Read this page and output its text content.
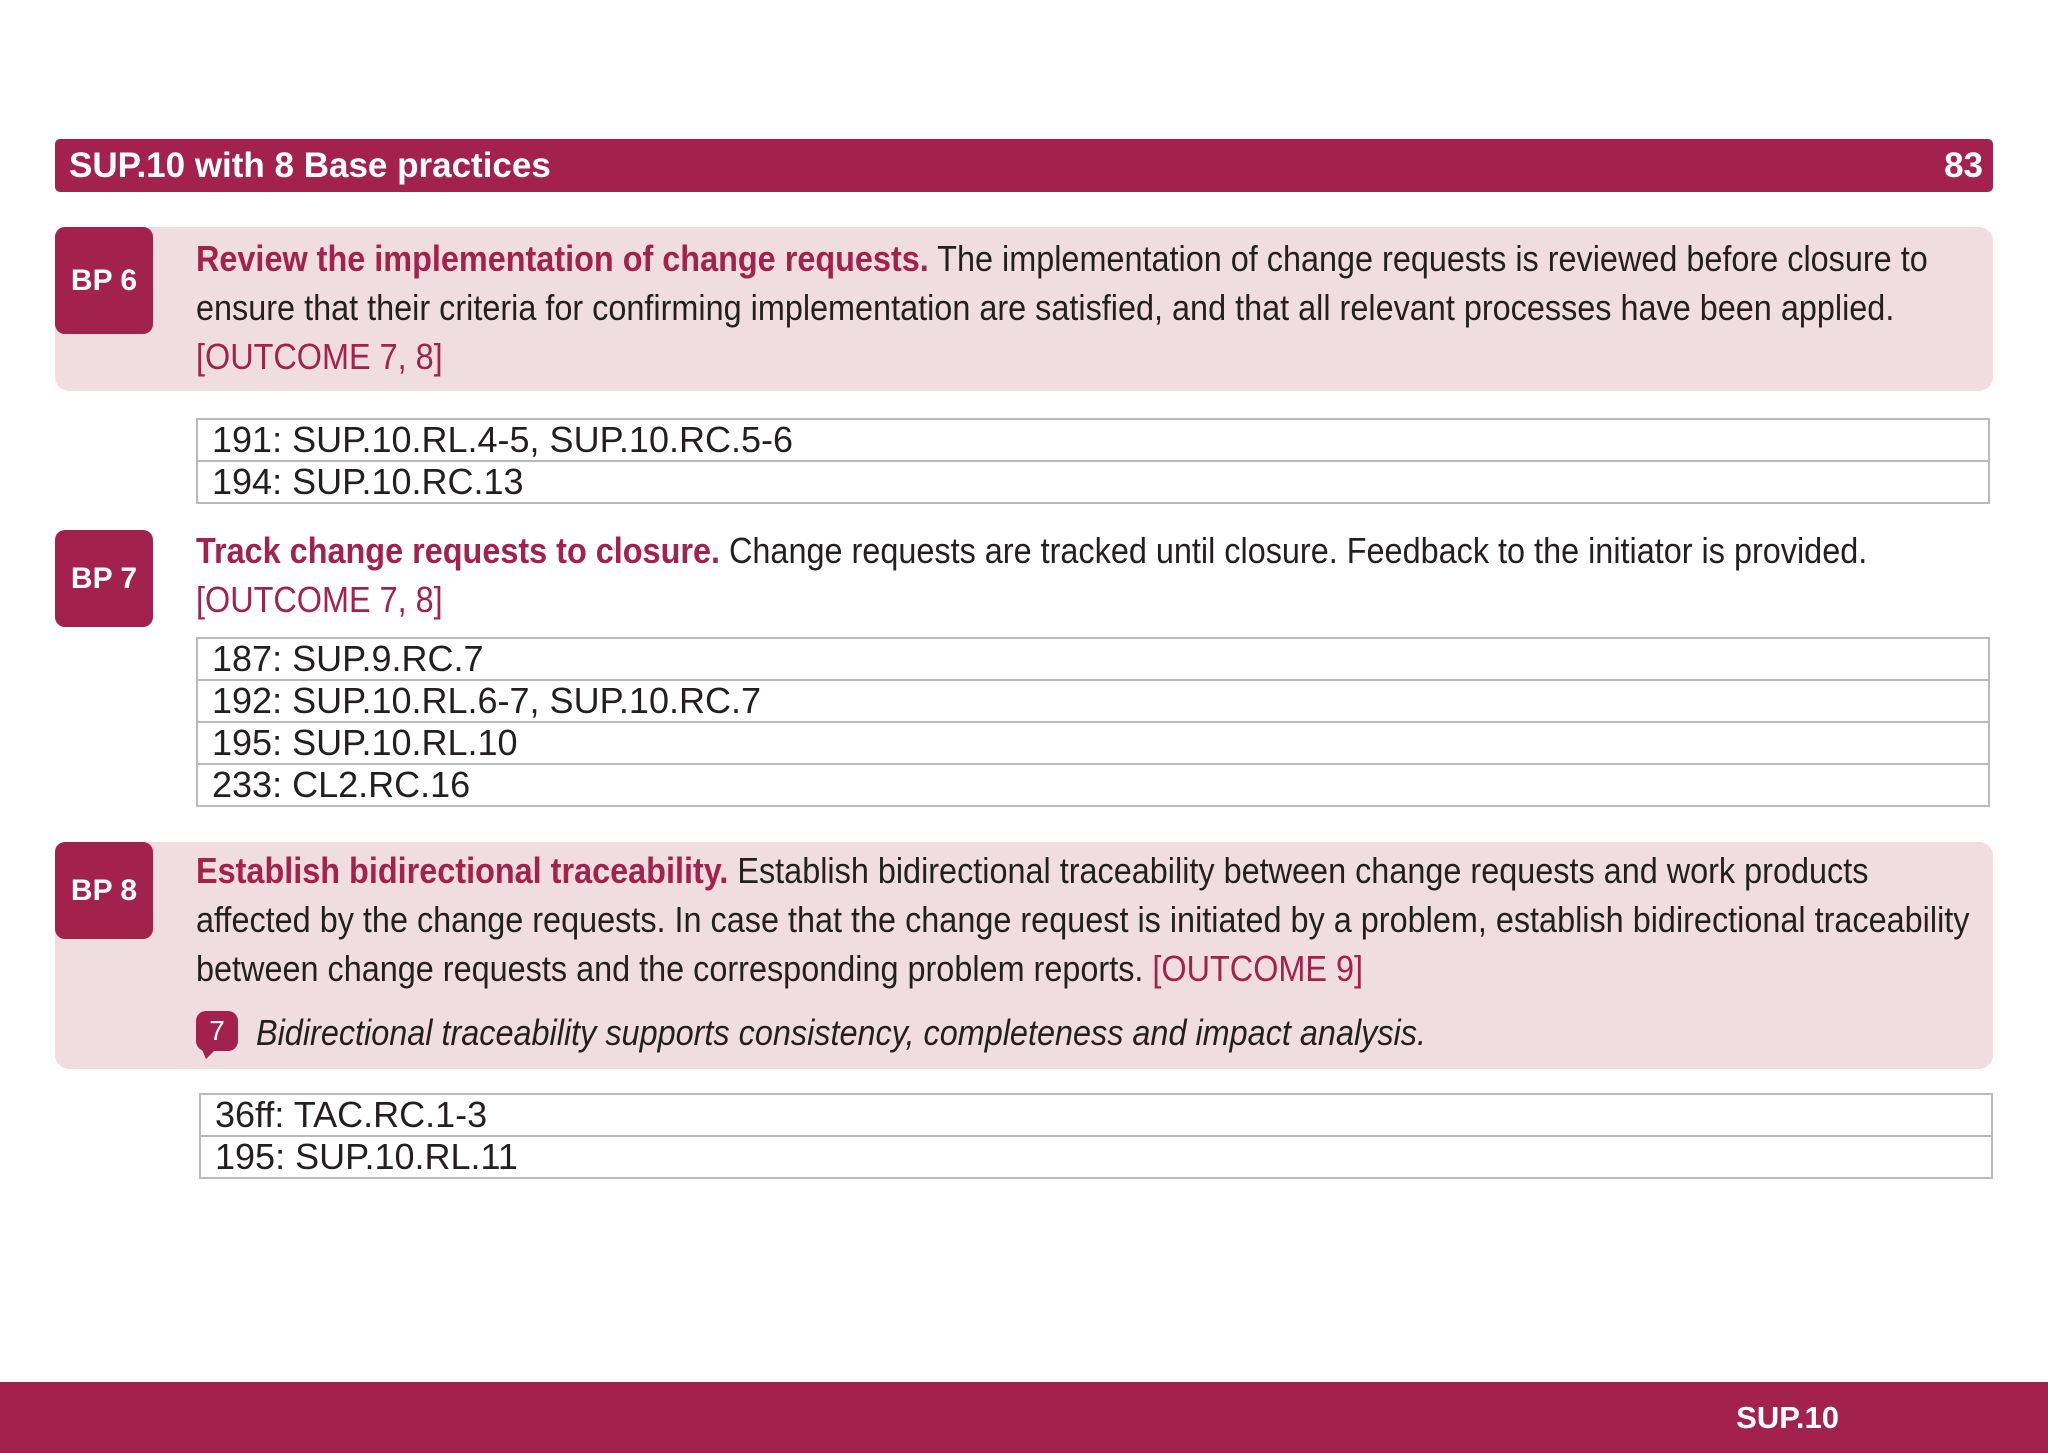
SUP.10 with 8 Base practices	83
BP 6
Review the implementation of change requests. The implementation of change requests is reviewed before closure to ensure that their criteria for confirming implementation are satisfied, and that all relevant processes have been applied. [OUTCOME 7, 8]
191: SUP.10.RL.4-5, SUP.10.RC.5-6
194: SUP.10.RC.13
BP 7
Track change requests to closure. Change requests are tracked until closure. Feedback to the initiator is provided. [OUTCOME 7, 8]
187: SUP.9.RC.7
192: SUP.10.RL.6-7, SUP.10.RC.7
195: SUP.10.RL.10
233: CL2.RC.16
BP 8	Establish bidirectional traceability. Establish bidirectional traceability between change requests and work products affected by the change requests. In case that the change request is initiated by a problem, establish bidirectional traceability between change requests and the corresponding problem reports. [OUTCOME 9]
7 Bidirectional traceability supports consistency, completeness and impact analysis.
36ff: TAC.RC.1-3
195: SUP.10.RL.11
SUP.10
